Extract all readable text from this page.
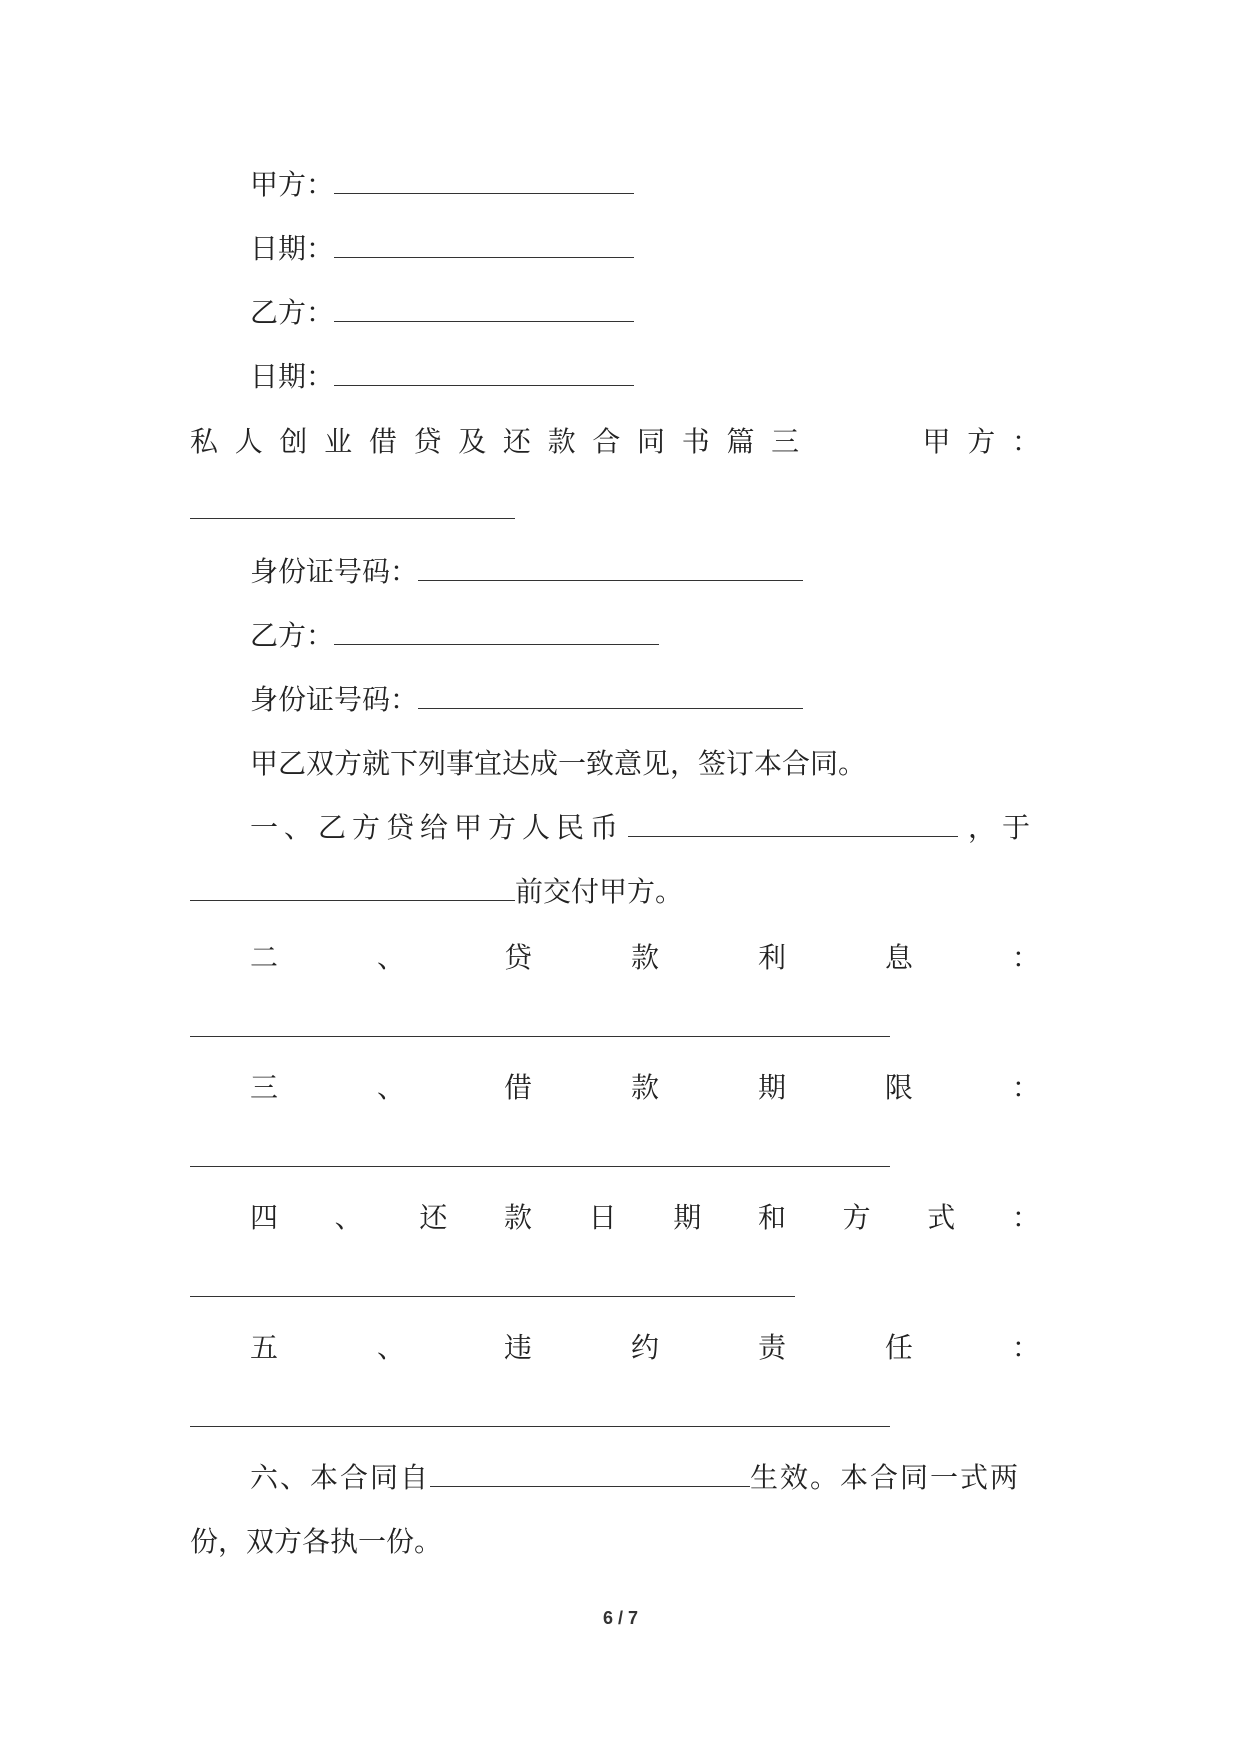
甲方：
日期：
乙方：
日期：
私 人 创 业 借 贷 及 还 款 合 同 书 篇 三	甲 方 ：
身份证号码：
乙方：
身份证号码：
甲乙双方就下列事宜达成一致意见，签订本合同。
一、乙方贷给甲方人民币	，于
前交付甲方。
二	、	贷	款	利	息	：
三	、	借	款	期	限	：
四 、 还 款 日 期 和 方 式 ：
五	、	违	约	责	任	：
六、本合同自	生效。本合同一式两
份，双方各执一份。
6 / 7
